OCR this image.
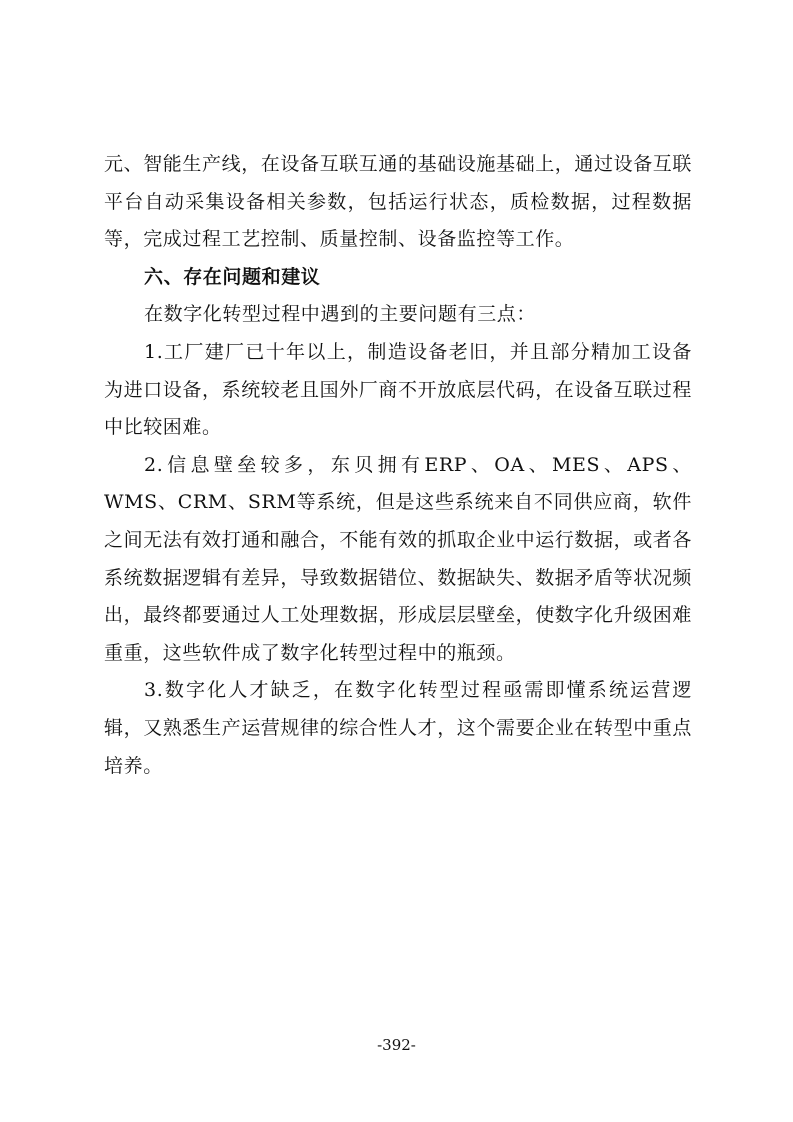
元、智能生产线，在设备互联互通的基础设施基础上，通过设备互联平台自动采集设备相关参数，包括运行状态，质检数据，过程数据等，完成过程工艺控制、质量控制、设备监控等工作。

六、存在问题和建议

在数字化转型过程中遇到的主要问题有三点：

1.工厂建厂已十年以上，制造设备老旧，并且部分精加工设备为进口设备，系统较老且国外厂商不开放底层代码，在设备互联过程中比较困难。

2.信息壁垒较多，东贝拥有ERP、OA、MES、APS、WMS、CRM、SRM等系统，但是这些系统来自不同供应商，软件之间无法有效打通和融合，不能有效的抓取企业中运行数据，或者各系统数据逻辑有差异，导致数据错位、数据缺失、数据矛盾等状况频出，最终都要通过人工处理数据，形成层层壁垒，使数字化升级困难重重，这些软件成了数字化转型过程中的瓶颈。

3.数字化人才缺乏，在数字化转型过程亟需即懂系统运营逻辑，又熟悉生产运营规律的综合性人才，这个需要企业在转型中重点培养。

-392-
